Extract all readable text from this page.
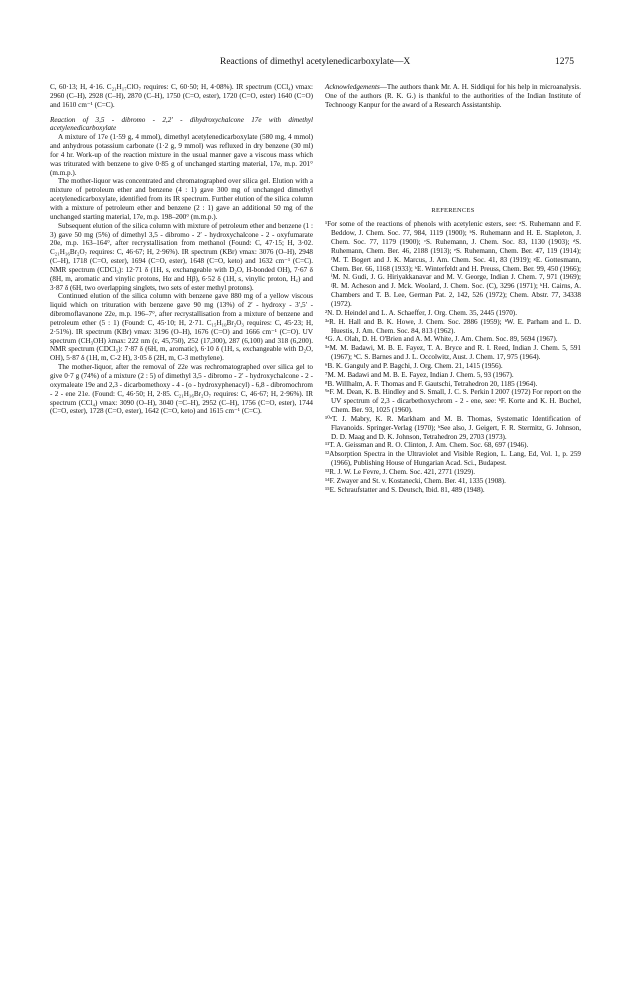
Reactions of dimethyl acetylenedicarboxylate—X	1275

C, 60·13; H, 4·16. C₂₁H₁₇ClO₇ requires: C, 60·50; H, 4·08%). IR spectrum (CCl₄) νmax: 2960 (C–H), 2928 (C–H), 2870 (C–H), 1750 (C=O, ester), 1720 (C=O, ester) 1640 (C=O) and 1610 cm⁻¹ (C=C).

Reaction of 3,5 - dibromo - 2,2′ - dihydroxychalcone 17e with dimethyl acetylenedicarboxylate

A mixture of 17e (1·59 g, 4 mmol), dimethyl acetylenedicarboxylate (580 mg, 4 mmol) and anhydrous potassium carbonate (1·2 g, 9 mmol) was refluxed in dry benzene (30 ml) for 4 hr. Work-up of the reaction mixture in the usual manner gave a viscous mass which was triturated with benzene to give 0·85 g of unchanged starting material, 17e, m.p. 201° (m.m.p.).

The mother-liquor was concentrated and chromatographed over silica gel. Elution with a mixture of petroleum ether and benzene (4 : 1) gave 300 mg of unchanged dimethyl acetylenedicarboxylate, identified from its IR spectrum. Further elution of the silica column with a mixture of petroleum ether and benzene (2 : 1) gave an additional 50 mg of the unchanged starting material, 17e, m.p. 198–200° (m.m.p.).

Subsequent elution of the silica column with mixture of petroleum ether and benzene (1 : 3) gave 50 mg (5%) of dimethyl 3,5 - dibromo - 2′ - hydroxychalcone - 2 - oxyfumarate 20e, m.p. 163–164°, after recrystallisation from methanol (Found: C, 47·15; H, 3·02. C₂₁H₁₆Br₂O₇ requires: C, 46·67; H, 2·96%). IR spectrum (KBr) νmax: 3076 (O–H), 2948 (C–H), 1718 (C=O, ester), 1694 (C=O, ester), 1648 (C=O, keto) and 1632 cm⁻¹ (C=C). NMR spectrum (CDCl₃): 12·71 δ (1H, s, exchangeable with D₂O, H-bonded OH), 7·67 δ (8H, m, aromatic and vinylic protons, Hα and Hβ), 6·52 δ (1H, s, vinylic proton, H꜀) and 3·87 δ (6H, two overlapping singlets, two sets of ester methyl protons).

Continued elution of the silica column with benzene gave 880 mg of a yellow viscous liquid which on trituration with benzene gave 90 mg (13%) of 2′ - hydroxy - 3′,5′ - dibromoflavanone 22e, m.p. 196–7°, after recrystallisation from a mixture of benzene and petroleum ether (5 : 1) (Found: C, 45·10; H, 2·71. C₁₅H₁₀Br₂O₃ requires: C, 45·23; H, 2·51%). IR spectrum (KBr) νmax: 3196 (O–H), 1676 (C=O) and 1666 cm⁻¹ (C=O). UV spectrum (CH₃OH) λmax: 222 nm (ε, 45,750), 252 (17,300), 287 (6,100) and 318 (6,200). NMR spectrum (CDCl₃): 7·87 δ (6H, m, aromatic), 6·10 δ (1H, s, exchangeable with D₂O, OH), 5·87 δ (1H, m, C-2 H), 3·05 δ (2H, m, C-3 methylene).

The mother-liquor, after the removal of 22e was rechromatographed over silica gel to give 0·7 g (74%) of a mixture (2 : 5) of dimethyl 3,5 - dibromo - 2′ - hydroxychalcone - 2 - oxymaleate 19e and 2,3 - dicarbomethoxy - 4 - (o - hydroxyphenacyl) - 6,8 - dibromochrom - 2 - ene 21e. (Found: C, 46·50; H, 2·85. C₂₁H₁₆Br₂O₇ requires: C, 46·67; H, 2·96%). IR spectrum (CCl₄) νmax: 3090 (O–H), 3040 (=C–H), 2952 (C–H), 1756 (C=O, ester), 1744 (C=O, ester), 1728 (C=O, ester), 1642 (C=O, keto) and 1615 cm⁻¹ (C=C).

Acknowledgements—The authors thank Mr. A. H. Siddiqui for his help in microanalysis. One of the authors (R. K. G.) is thankful to the authorities of the Indian Institute of Technoogy Kanpur for the award of a Research Assistantship.

REFERENCES

¹For some of the reactions of phenols with acetylenic esters, see: ᵃS. Ruhemann and F. Beddow, J. Chem. Soc. 77, 984, 1119 (1900); ᵇS. Ruhemann and H. E. Stapleton, J. Chem. Soc. 77, 1179 (1900); ᶜS. Ruhemann, J. Chem. Soc. 83, 1130 (1903); ᵈS. Ruhemann, Chem. Ber. 46, 2188 (1913); ᵉS. Ruhemann, Chem. Ber. 47, 119 (1914); ᶠM. T. Bogert and J. K. Marcus, J. Am. Chem. Soc. 41, 83 (1919); ᵍE. Gottesmann, Chem. Ber. 66, 1168 (1933); ʰE. Winterfeldt and H. Preuss, Chem. Ber. 99, 450 (1966); ⁱM. N. Gudi, J. G. Hiriyakkanavar and M. V. George, Indian J. Chem. 7, 971 (1969); ʲR. M. Acheson and J. Mck. Woolard, J. Chem. Soc. (C), 3296 (1971); ᵏH. Cairns, A. Chambers and T. B. Lee, German Pat. 2, 142, 526 (1972); Chem. Abstr. 77, 34338 (1972).

²N. D. Heindel and L. A. Schaeffer, J. Org. Chem. 35, 2445 (1970).

³ᵃR. H. Hall and B. K. Howe, J. Chem. Soc. 2886 (1959); ᵇW. E. Parham and L. D. Huestis, J. Am. Chem. Soc. 84, 813 (1962).

⁴G. A. Olah, D. H. O'Brien and A. M. White, J. Am. Chem. Soc. 89, 5694 (1967).

⁵ᵃM. M. Badawi, M. B. E. Fayez, T. A. Bryce and R. I. Reed, Indian J. Chem. 5, 591 (1967); ᵇC. S. Barnes and J. L. Occolwitz, Aust. J. Chem. 17, 975 (1964).

⁶B. K. Ganguly and P. Bagchi, J. Org. Chem. 21, 1415 (1956).

⁷M. M. Badawi and M. B. E. Fayez, Indian J. Chem. 5, 93 (1967).

⁸B. Willhalm, A. F. Thomas and F. Gautschi, Tetrahedron 20, 1185 (1964).

⁹ᵃF. M. Dean, K. B. Hindley and S. Small, J. C. S. Perkin I 2007 (1972) For report on the UV spectrum of 2,3 - dicarbethoxychrom - 2 - ene, see: ᵇF. Korte and K. H. Buchel, Chem. Ber. 93, 1025 (1960).

¹⁰ᵃT. J. Mabry, K. R. Markham and M. B. Thomas, Systematic Identification of Flavanoids. Springer-Verlag (1970); ᵇSee also, J. Geigert, F. R. Stermitz, G. Johnson, D. D. Maag and D. K. Johnson, Tetrahedron 29, 2703 (1973).

¹¹T. A. Geissman and R. O. Clinton, J. Am. Chem. Soc. 68, 697 (1946).

¹²Absorption Spectra in the Ultraviolet and Visible Region, L. Lang, Ed, Vol. 1, p. 259 (1966), Publishing House of Hungarian Acad. Sci., Budapest.

¹³R. J. W. Le Fevre, J. Chem. Soc. 421, 2771 (1929).

¹⁴F. Zwayer and St. v. Kostanecki, Chem. Ber. 41, 1335 (1908).

¹⁵E. Schraufstatter and S. Deutsch, Ibid. 81, 489 (1948).
